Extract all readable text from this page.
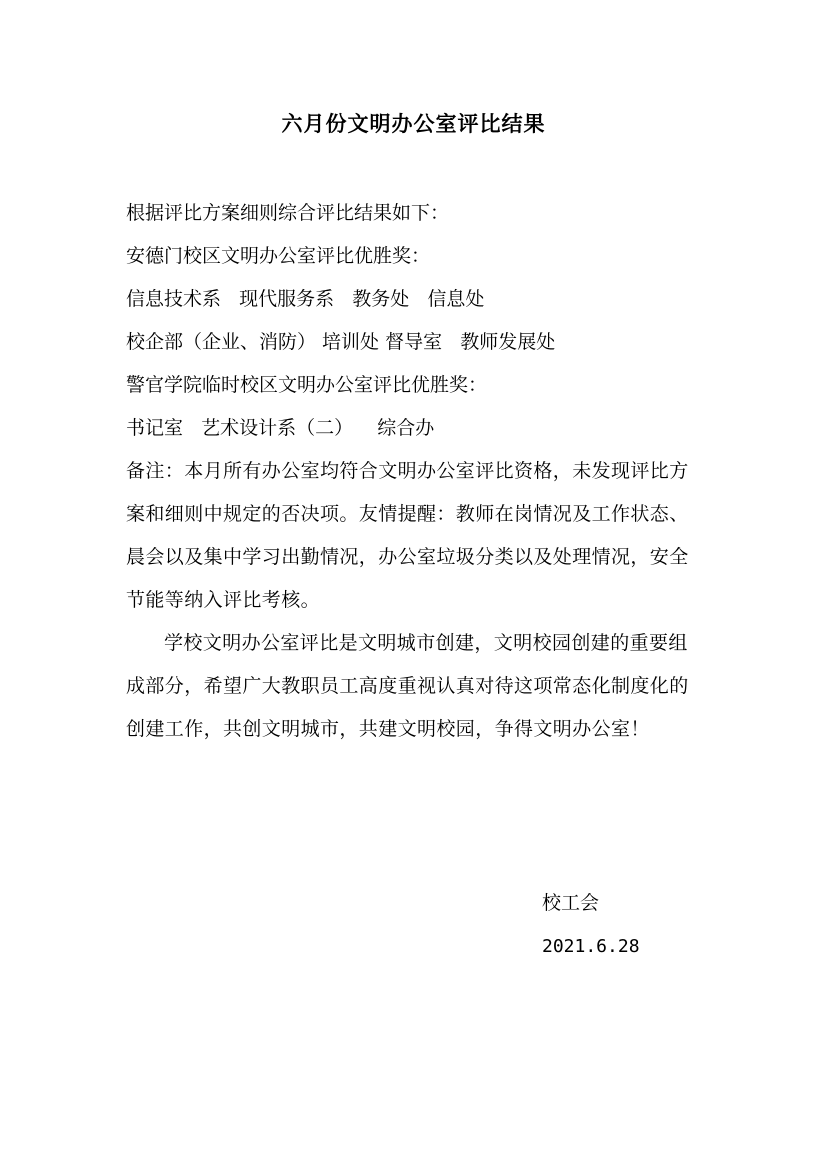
六月份文明办公室评比结果

根据评比方案细则综合评比结果如下：

安德门校区文明办公室评比优胜奖：

信息技术系   现代服务系   教务处   信息处

校企部（企业、消防） 培训处 督导室   教师发展处

警官学院临时校区文明办公室评比优胜奖：

书记室   艺术设计系（二）    综合办

备注：本月所有办公室均符合文明办公室评比资格，未发现评比方案和细则中规定的否决项。友情提醒：教师在岗情况及工作状态、晨会以及集中学习出勤情况，办公室垃圾分类以及处理情况，安全节能等纳入评比考核。

学校文明办公室评比是文明城市创建，文明校园创建的重要组成部分，希望广大教职员工高度重视认真对待这项常态化制度化的创建工作，共创文明城市，共建文明校园，争得文明办公室！

校工会

2021.6.28
